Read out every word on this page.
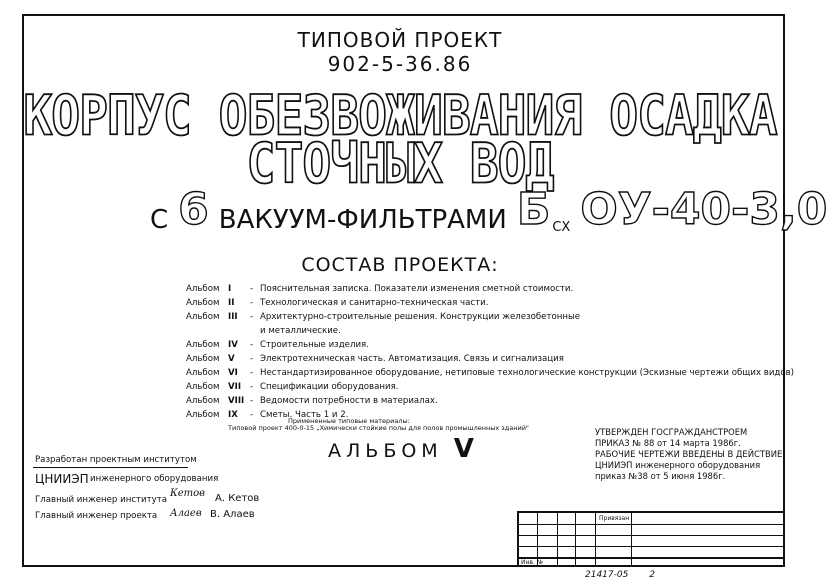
ТИПОВОЙ ПРОЕКТ
902-5-36.86
КОРПУС ОБЕЗВОЖИВАНИЯ ОСАДКА
СТОЧНЫХ ВОД
С 6 ВАКУУМ-ФИЛЬТРАМИ Б СХ ОУ-40-3,0
СОСТАВ ПРОЕКТА:
Альбом I	- Пояснительная записка. Показатели изменения сметной стоимости.
Альбом II	- Технологическая и санитарно-техническая части.
Альбом III	- Архитектурно-строительные решения. Конструкции железобетонные
и металлические.
Альбом IV	- Строительные изделия.
Альбом V	- Электротехническая часть. Автоматизация. Связь и сигнализация
Альбом VI	- Нестандартизированное оборудование, нетиповые технологические конструкции (Эскизные чертежи общих видов)
Альбом VII	- Спецификации оборудования.
Альбом VIII - Ведомости потребности в материалах.
Альбом IX	- Сметы. Часть 1 и 2.
Примененные типовые материалы:
Типовой проект 400-0-15 „Химически стойкие полы для полов промышленных зданий"
АЛЬБОМ V
УТВЕРЖДЕН ГОСГРАЖДАНСТРОЕМ
ПРИКАЗ № 88 от 14 марта 1986г.
РАБОЧИЕ ЧЕРТЕЖИ ВВЕДЕНЫ В ДЕЙСТВИЕ
ЦНИИЭП инженерного оборудования
приказ №38 от 5 июня 1986г.
Разработан проектным институтом
ЦНИИЭП инженерного оборудования
Главный инженер института
Кетов А. Кетов
Главный инженер проекта Алаев В. Алаев	Привязан
Инв. №
21417-05 2
